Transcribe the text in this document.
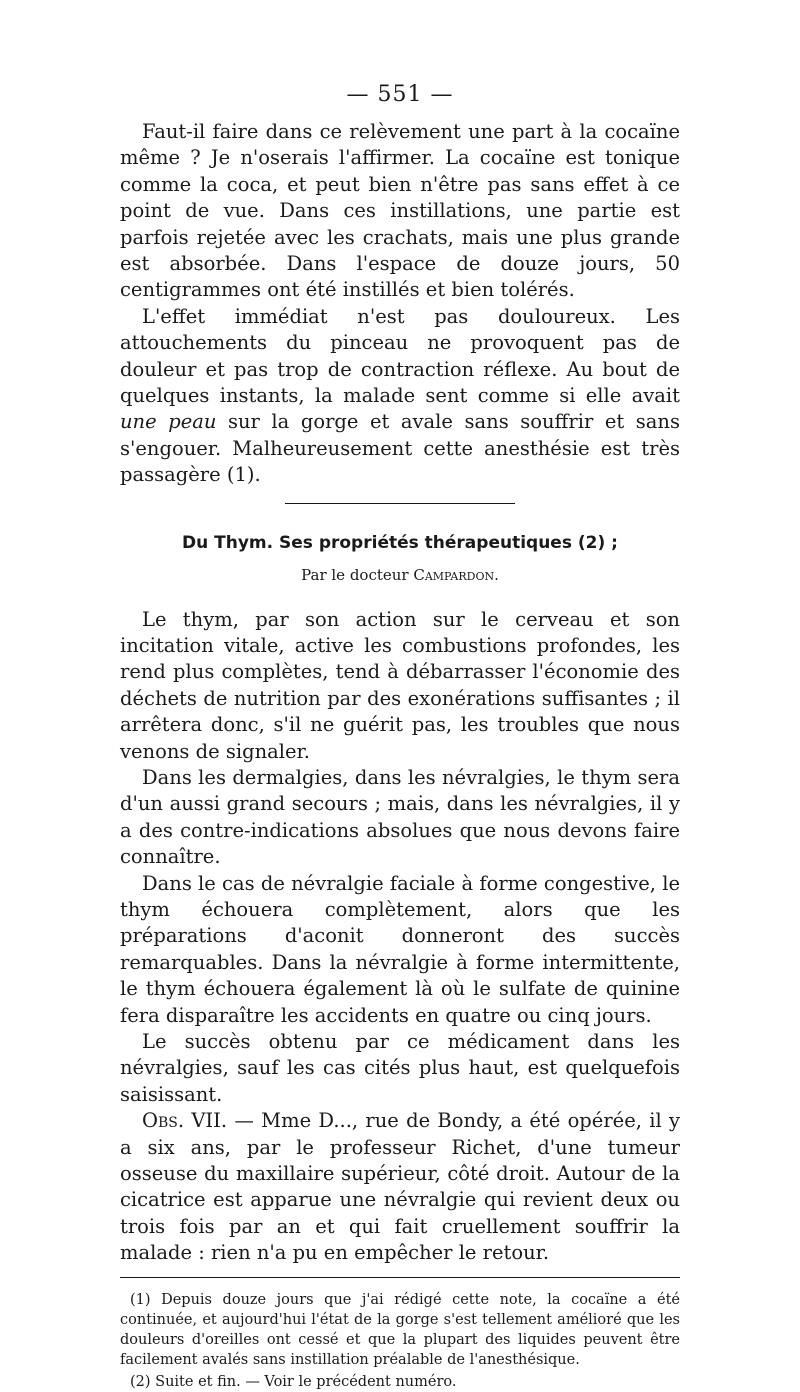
— 551 —

Faut-il faire dans ce relèvement une part à la cocaïne même ? Je n'oserais l'affirmer. La cocaïne est tonique comme la coca, et peut bien n'être pas sans effet à ce point de vue. Dans ces instillations, une partie est parfois rejetée avec les crachats, mais une plus grande est absorbée. Dans l'espace de douze jours, 50 centigrammes ont été instillés et bien tolérés.

L'effet immédiat n'est pas douloureux. Les attouchements du pinceau ne provoquent pas de douleur et pas trop de contraction réflexe. Au bout de quelques instants, la malade sent comme si elle avait une peau sur la gorge et avale sans souffrir et sans s'engouer. Malheureusement cette anesthésie est très passagère (1).

Du Thym. Ses propriétés thérapeutiques (2) ;

Par le docteur Campardon.

Le thym, par son action sur le cerveau et son incitation vitale, active les combustions profondes, les rend plus complètes, tend à débarrasser l'économie des déchets de nutrition par des exonérations suffisantes ; il arrêtera donc, s'il ne guérit pas, les troubles que nous venons de signaler.

Dans les dermalgies, dans les névralgies, le thym sera d'un aussi grand secours ; mais, dans les névralgies, il y a des contre-indications absolues que nous devons faire connaître.

Dans le cas de névralgie faciale à forme congestive, le thym échouera complètement, alors que les préparations d'aconit donneront des succès remarquables. Dans la névralgie à forme intermittente, le thym échouera également là où le sulfate de quinine fera disparaître les accidents en quatre ou cinq jours.

Le succès obtenu par ce médicament dans les névralgies, sauf les cas cités plus haut, est quelquefois saisissant.

Obs. VII. — Mme D..., rue de Bondy, a été opérée, il y a six ans, par le professeur Richet, d'une tumeur osseuse du maxillaire supérieur, côté droit. Autour de la cicatrice est apparue une névralgie qui revient deux ou trois fois par an et qui fait cruellement souffrir la malade : rien n'a pu en empêcher le retour.

(1) Depuis douze jours que j'ai rédigé cette note, la cocaïne a été continuée, et aujourd'hui l'état de la gorge s'est tellement amélioré que les douleurs d'oreilles ont cessé et que la plupart des liquides peuvent être facilement avalés sans instillation préalable de l'anesthésique.

(2) Suite et fin. — Voir le précédent numéro.
